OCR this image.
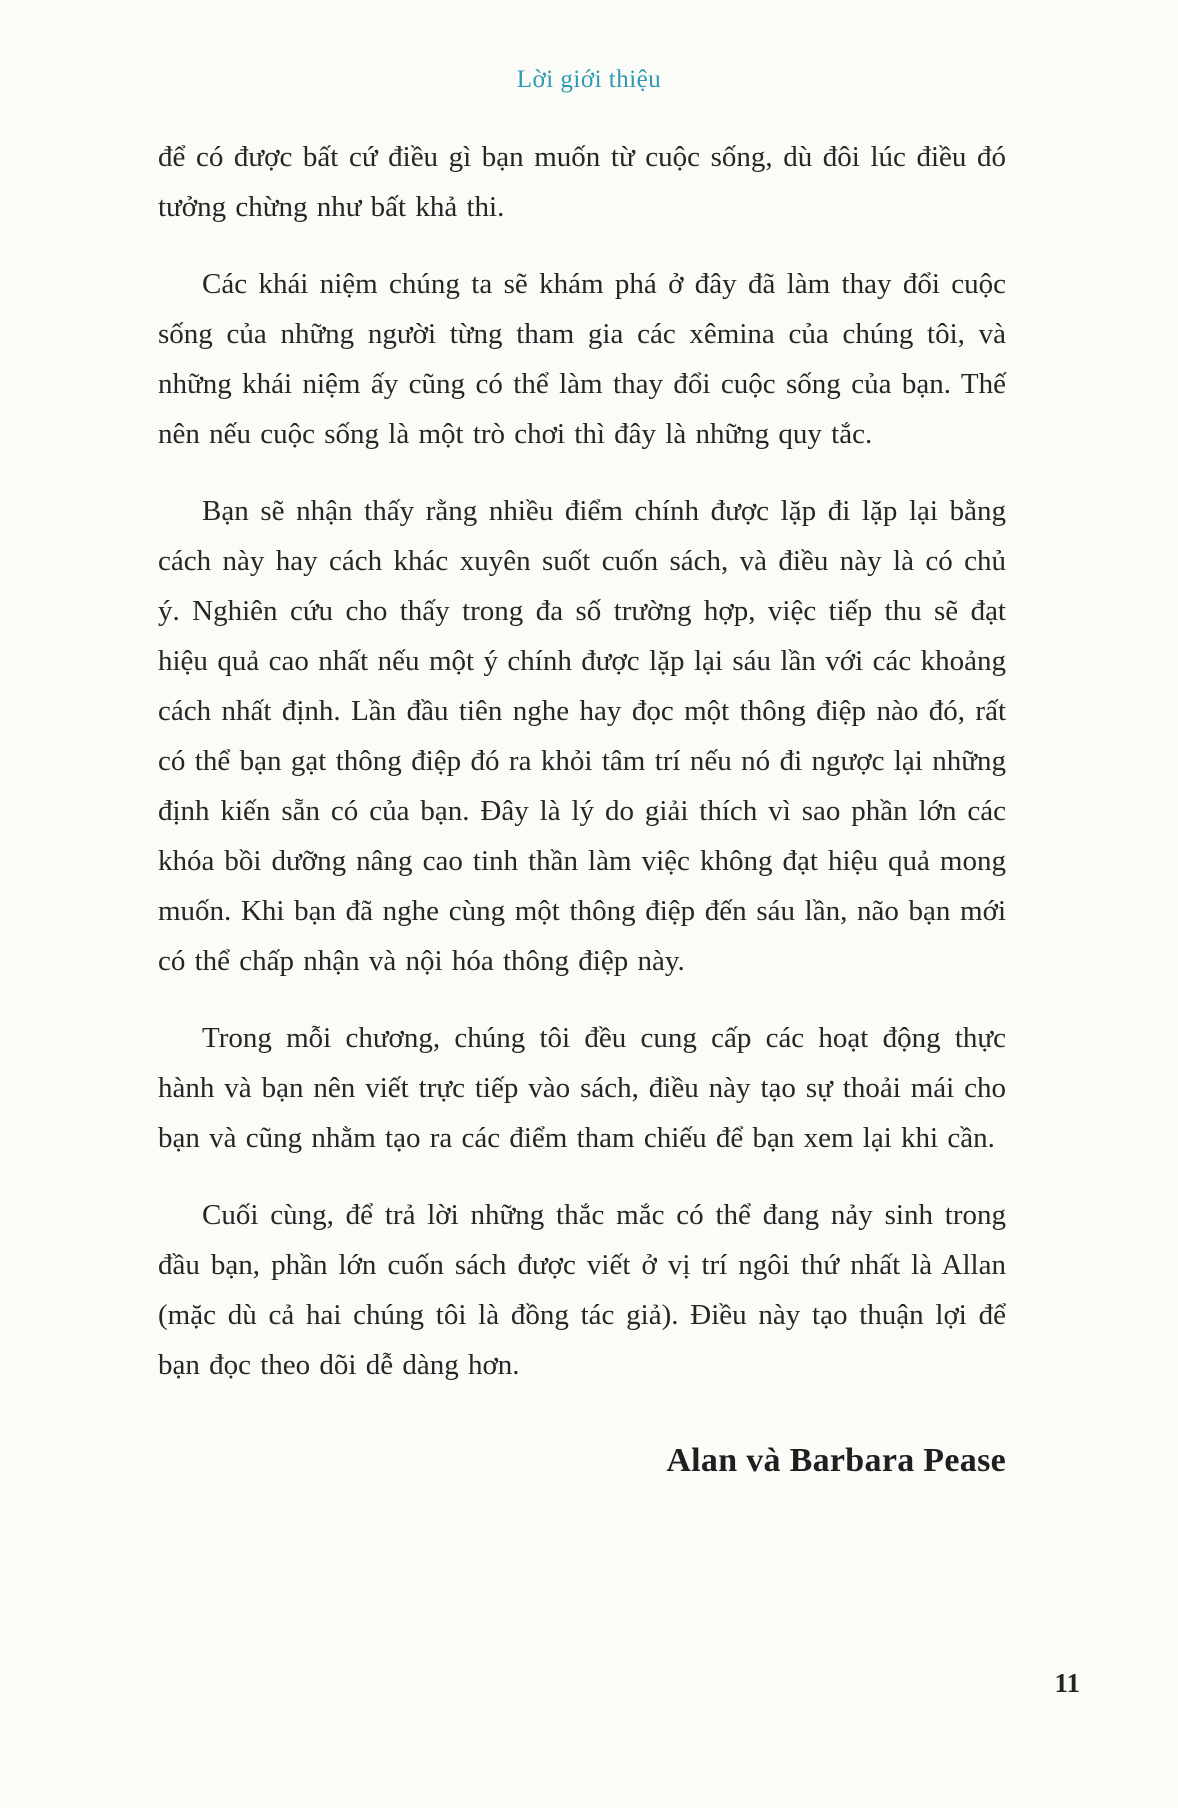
Lời giới thiệu

để có được bất cứ điều gì bạn muốn từ cuộc sống, dù đôi lúc điều đó tưởng chừng như bất khả thi.

Các khái niệm chúng ta sẽ khám phá ở đây đã làm thay đổi cuộc sống của những người từng tham gia các xêmina của chúng tôi, và những khái niệm ấy cũng có thể làm thay đổi cuộc sống của bạn. Thế nên nếu cuộc sống là một trò chơi thì đây là những quy tắc.

Bạn sẽ nhận thấy rằng nhiều điểm chính được lặp đi lặp lại bằng cách này hay cách khác xuyên suốt cuốn sách, và điều này là có chủ ý. Nghiên cứu cho thấy trong đa số trường hợp, việc tiếp thu sẽ đạt hiệu quả cao nhất nếu một ý chính được lặp lại sáu lần với các khoảng cách nhất định. Lần đầu tiên nghe hay đọc một thông điệp nào đó, rất có thể bạn gạt thông điệp đó ra khỏi tâm trí nếu nó đi ngược lại những định kiến sẵn có của bạn. Đây là lý do giải thích vì sao phần lớn các khóa bồi dưỡng nâng cao tinh thần làm việc không đạt hiệu quả mong muốn. Khi bạn đã nghe cùng một thông điệp đến sáu lần, não bạn mới có thể chấp nhận và nội hóa thông điệp này.

Trong mỗi chương, chúng tôi đều cung cấp các hoạt động thực hành và bạn nên viết trực tiếp vào sách, điều này tạo sự thoải mái cho bạn và cũng nhằm tạo ra các điểm tham chiếu để bạn xem lại khi cần.

Cuối cùng, để trả lời những thắc mắc có thể đang nảy sinh trong đầu bạn, phần lớn cuốn sách được viết ở vị trí ngôi thứ nhất là Allan (mặc dù cả hai chúng tôi là đồng tác giả). Điều này tạo thuận lợi để bạn đọc theo dõi dễ dàng hơn.

Alan và Barbara Pease
11
